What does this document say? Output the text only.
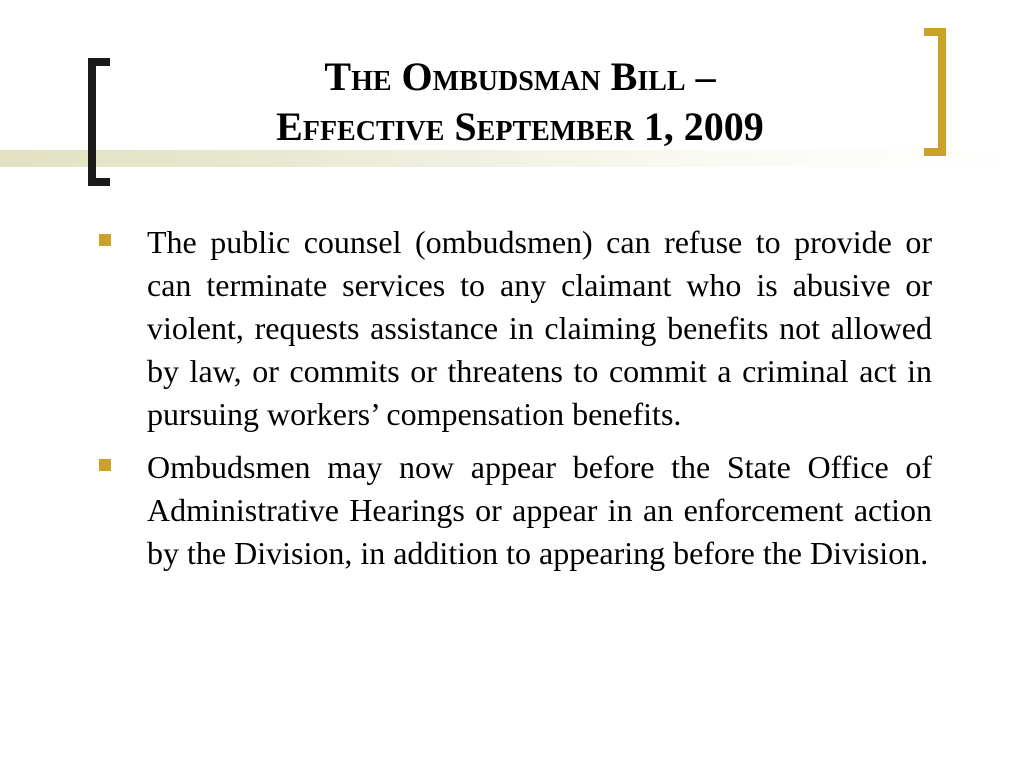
The Ombudsman Bill –
Effective September 1, 2009
The public counsel (ombudsmen) can refuse to provide or can terminate services to any claimant who is abusive or violent, requests assistance in claiming benefits not allowed by law, or commits or threatens to commit a criminal act in pursuing workers’ compensation benefits.
Ombudsmen may now appear before the State Office of Administrative Hearings or appear in an enforcement action by the Division, in addition to appearing before the Division.
